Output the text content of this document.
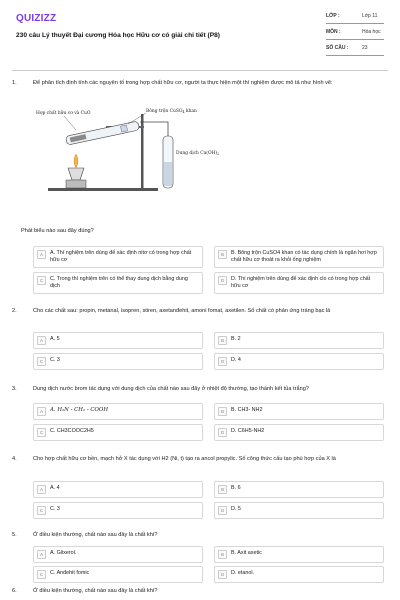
QUIZIZZ
230 câu Lý thuyết Đại cương Hóa học Hữu cơ có giải chi tiết (P8)
LỚP :	Lớp 11
MÔN :	Hóa học
SỐ CÂU :	23
1.	Để phân tích định tính các nguyên tố trong hợp chất hữu cơ, người ta thực hiện một thí nghiệm được mô tả như hình vẽ:
Hợp chất hữu cơ và CuO	Bông trộn CuSO$_4$ khan
Dung dịch $Ca(OH)_2$
Phát biểu nào sau đây đúng?
A	A. Thí nghiệm trên dùng để xác định nitơ có trong hợp chất hữu cơ
B	B. Bông trộn CuSO4 khan có tác dụng chính là ngăn hơi hợp chất hữu cơ thoát ra khỏi ống nghiệm
C	C. Trong thí nghiệm trên có thể thay dung dịch bằng dung dịch
D	D. Thí nghiệm trên dùng để xác định clo có trong hợp chất hữu cơ
2.	Cho các chất sau: propin, metanal, isopren, stiren, axetanđehit, amoni fomat, axetilen. Số chất có phản ứng tráng bạc là
A	A. 5	B	B. 2
C	C. 3	D	D. 4
3.	Dung dịch nước brom tác dụng với dung dịch của chất nào sau đây ở nhiệt độ thường, tạo thành kết tủa trắng?
A	A. H₂N - CH₂ - COOH	B	B. CH3- NH2
C	C. CH3COOC2H5	D	D. C6H5-NH2
4.	Cho hợp chất hữu cơ bền, mạch hở X tác dụng với H2 (Ni, t) tạo ra ancol propylic. Số công thức cấu tạo phù hợp của X là
A	A. 4	B	B. 6
C	C. 3	D	D. 5
5.	Ở điều kiện thường, chất nào sau đây là chất khí?
A	A. Glixerol.	B	B. Axit axetic
C	C. Anđehit fomic	D	D. etanol.
6.	Ở điều kiện thường, chất nào sau đây là chất khí?
